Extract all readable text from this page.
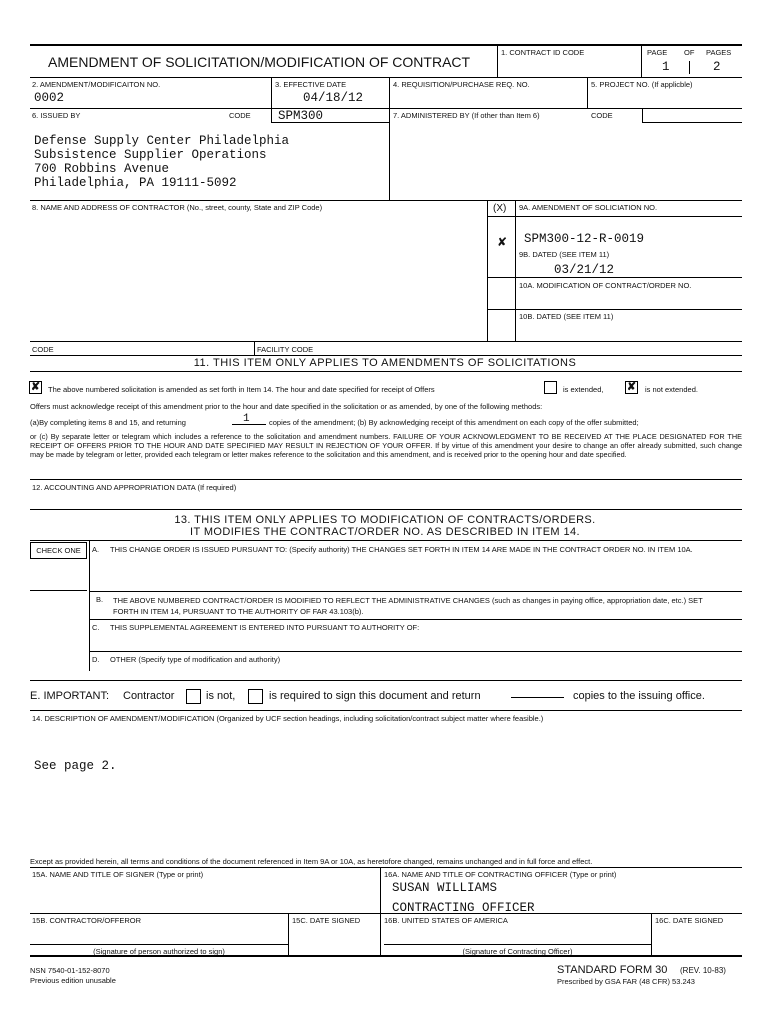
AMENDMENT OF SOLICITATION/MODIFICATION OF CONTRACT
1. CONTRACT ID CODE	PAGE OF PAGES
1	2
2. AMENDMENT/MODIFICAITON NO.
0002
3. EFFECTIVE DATE
04/18/12
4. REQUISITION/PURCHASE REQ. NO.	5. PROJECT NO. (If applicble)
6. ISSUED BY	CODE SPM300	7. ADMINISTERED BY (If other than Item 6)	CODE
Defense Supply Center Philadelphia
Subsistence Supplier Operations
700 Robbins Avenue
Philadelphia, PA 19111-5092
8. NAME AND ADDRESS OF CONTRACTOR (No., street, county, State and ZIP Code)	(X) 9A. AMENDMENT OF SOLICIATION NO.
✘ SPM300-12-R-0019
9B. DATED (SEE ITEM 11)
03/21/12
10A. MODIFICATION OF CONTRACT/ORDER NO.
10B. DATED (SEE ITEM 11)
CODE	FACILITY CODE
11. THIS ITEM ONLY APPLIES TO AMENDMENTS OF SOLICITATIONS
✘ The above numbered solicitation is amended as set forth in Item 14. The hour and date specified for receipt of Offers	is extended, ✘ is not extended.
Offers must acknowledge receipt of this amendment prior to the hour and date specified in the solicitation or as amended, by one of the following methods:
(a)By completing items 8 and 15, and returning	1	copies of the amendment; (b) By acknowledging receipt of this amendment on each copy of the offer submitted;
or (c) By separate letter or telegram which includes a reference to the solicitation and amendment numbers. FAILURE OF YOUR ACKNOWLEDGMENT TO BE RECEIVED AT THE PLACE DESIGNATED FOR THE RECEIPT OF OFFERS PRIOR TO THE HOUR AND DATE SPECIFIED MAY RESULT IN REJECTION OF YOUR OFFER. If by virtue of this amendment your desire to change an offer already submitted, such change may be made by telegram or letter, provided each telegram or letter makes reference to the solicitation and this amendment, and is received prior to the opening hour and date specified.
12. ACCOUNTING AND APPROPRIATION DATA (If required)
13. THIS ITEM ONLY APPLIES TO MODIFICATION OF CONTRACTS/ORDERS.
IT MODIFIES THE CONTRACT/ORDER NO. AS DESCRIBED IN ITEM 14.
CHECK ONE	A. THIS CHANGE ORDER IS ISSUED PURSUANT TO: (Specify authority) THE CHANGES SET FORTH IN ITEM 14 ARE MADE IN THE CONTRACT ORDER NO. IN ITEM 10A.
B. THE ABOVE NUMBERED CONTRACT/ORDER IS MODIFIED TO REFLECT THE ADMINISTRATIVE CHANGES (such as changes in paying office, appropriation date, etc.) SET FORTH IN ITEM 14, PURSUANT TO THE AUTHORITY OF FAR 43.103(b).
C. THIS SUPPLEMENTAL AGREEMENT IS ENTERED INTO PURSUANT TO AUTHORITY OF:
D. OTHER (Specify type of modification and authority)
E. IMPORTANT: Contractor	is not,	is required to sign this document and return	copies to the issuing office.
14. DESCRIPTION OF AMENDMENT/MODIFICATION (Organized by UCF section headings, including solicitation/contract subject matter where feasible.)
See page 2.
Except as provided herein, all terms and conditions of the document referenced in Item 9A or 10A, as heretofore changed, remains unchanged and in full force and effect.
15A. NAME AND TITLE OF SIGNER (Type or print)	16A. NAME AND TITLE OF CONTRACTING OFFICER (Type or print)
SUSAN WILLIAMS
CONTRACTING OFFICER
15B. CONTRACTOR/OFFEROR	15C. DATE SIGNED	16B. UNITED STATES OF AMERICA	16C. DATE SIGNED
(Signature of person authorized to sign)	(Signature of Contracting Officer)
NSN 7540-01-152-8070
Previous edition unusable
STANDARD FORM 30 (REV. 10-83)
Prescribed by GSA FAR (48 CFR) 53.243
